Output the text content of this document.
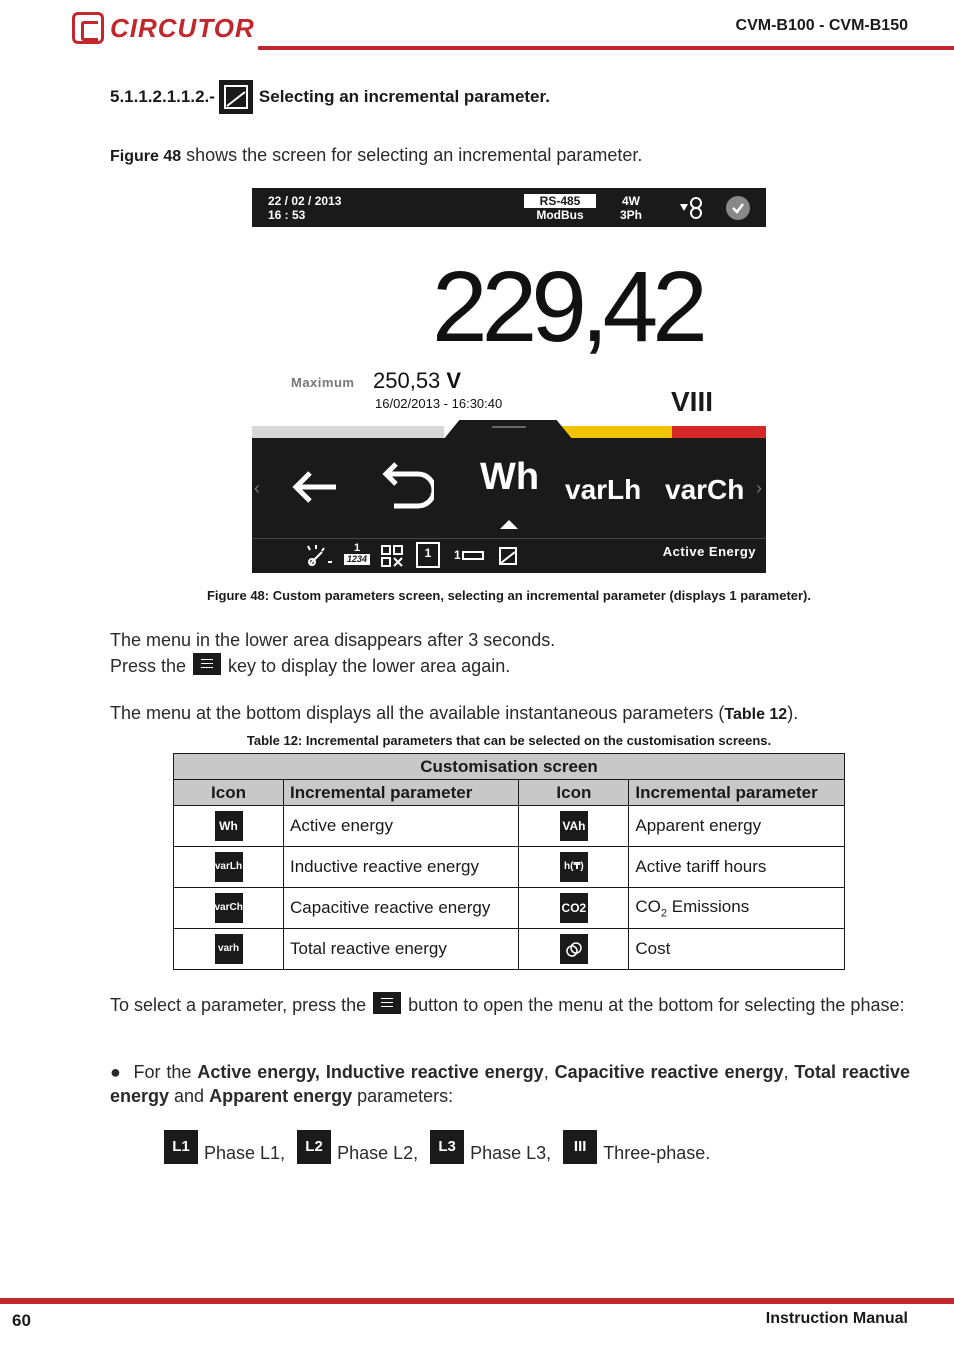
CIRCUTOR	CVM-B100 - CVM-B150
5.1.1.2.1.1.2.-	Selecting an incremental parameter.
Figure 48 shows the screen for selecting an incremental parameter.
22 / 02 / 2013
16 : 53
RS-485
ModBus
4W
3Ph
229,42
Maximum 250,53 V
16/02/2013 - 16:30:40	VIII
‹	›
Wh varLh varCh
1
1234	1	1	Active Energy
Figure 48: Custom parameters screen, selecting an incremental parameter (displays 1 parameter).
The menu in the lower area disappears after 3 seconds.
Press the
key to display the lower area again.
The menu at the bottom displays all the available instantaneous parameters (Table 12).
Table 12: Incremental parameters that can be selected on the customisation screens.
Customisation screen			
Icon	Incremental parameter	Icon	Incremental parameter
Wh	Active energy	VAh	Apparent energy
varLh	Inductive reactive energy	h(₸)	Active tariff hours
varCh	Capacitive reactive energy	CO2	$CO_2$ Emissions
varh	Total reactive energy		Cost
To select a parameter, press the
button to open the menu at the bottom for selecting the phase:
●  For the Active energy, Inductive reactive energy, Capacitive reactive energy, Total reactive energy and Apparent energy parameters:
L1 Phase L1,	L2 Phase L2,	L3 Phase L3,	III Three-phase.
60	Instruction Manual
